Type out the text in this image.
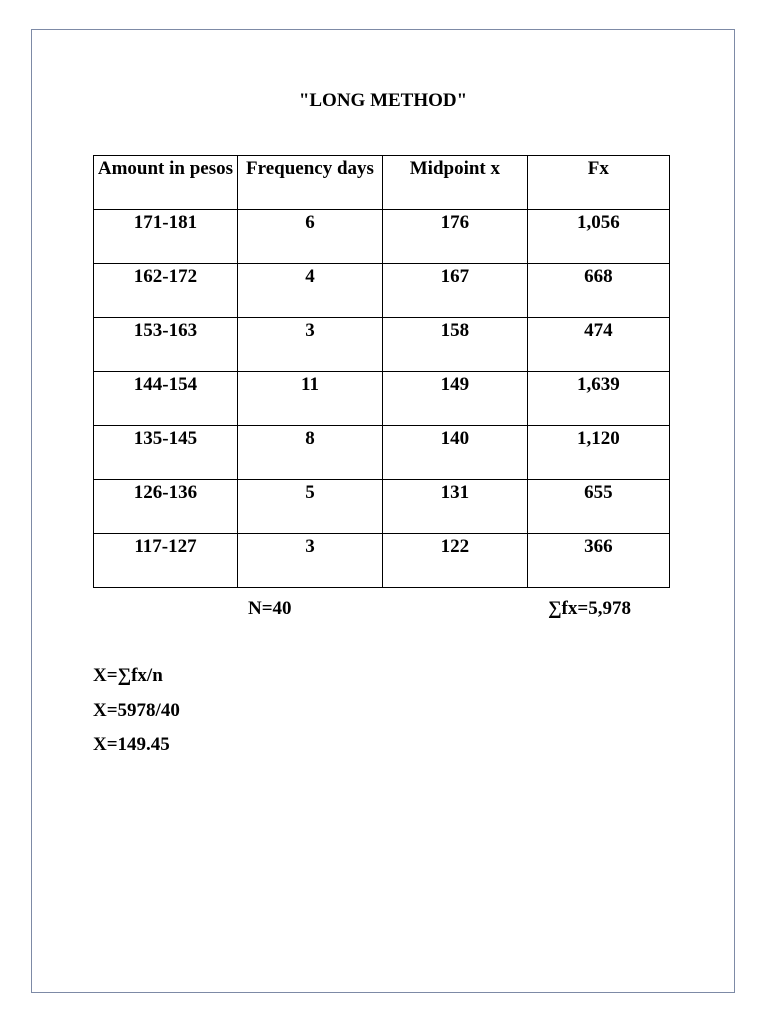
"LONG METHOD"
Amount in pesos	Frequency days	Midpoint x	Fx
171-181	6	176	1,056
162-172	4	167	668
153-163	3	158	474
144-154	11	149	1,639
135-145	8	140	1,120
126-136	5	131	655
117-127	3	122	366
N=40	∑fx=5,978
X=∑fx/n
X=5978/40
X=149.45
